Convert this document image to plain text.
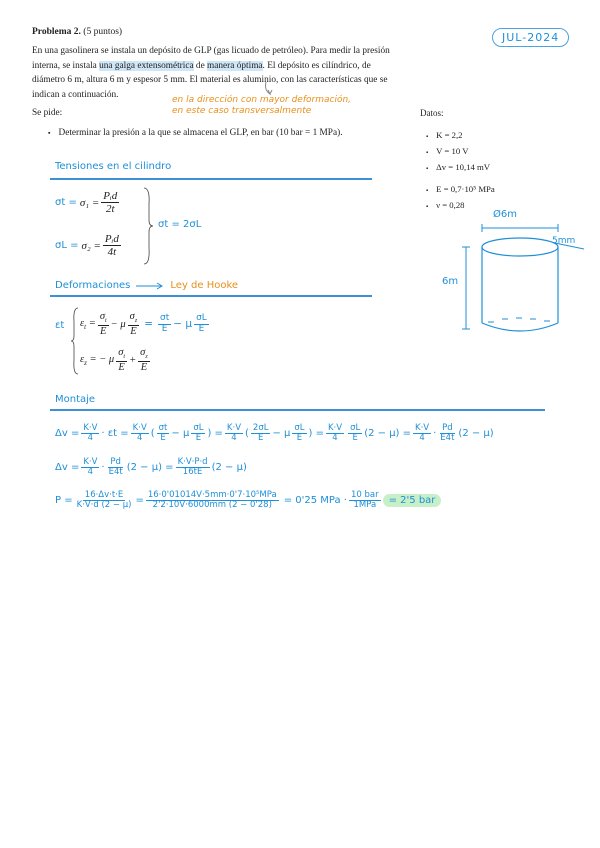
Problema 2. (5 puntos)	JUL-2024
En una gasolinera se instala un depósito de GLP (gas licuado de petróleo). Para medir la presión
interna, se instala una galga extensométrica de manera óptima. El depósito es cilíndrico, de
diámetro 6 m, altura 6 m y espesor 5 mm. El material es aluminio, con las características que se
indican a continuación.
en la dirección con mayor deformación,
en este caso transversalmente
Se pide:
▪ Determinar la presión a la que se almacena el GLP, en bar (10 bar = 1 MPa).
Datos:
▪ K = 2,2
▪ V = 10 V
▪ Δv = 10,14 mV
▪ E = 0,7·10⁵ MPa
▪ ν = 0,28
Tensiones en el cilindro
$\sigma t = \sigma_1 = \frac{\text{Pᵢd}}{2t}$
$\sigma L = \sigma_2 = \frac{\text{Pᵢd}}{4t}$
σt = 2σL
Deformaciones	Ley de Hooke
εt $\varepsilon_t = \frac{\sigma_t}{E} - \mu \frac{\sigma_z}{E} = \frac{\sigma t}{E} - \mu \frac{\sigma L}{E}$
$\varepsilon_z$ = − μ $\frac{\sigma_t}{E} + \frac{\sigma_z}{E}$
Montaje
$\Delta v = \frac{K\cdot V}{4} \cdot \varepsilon t = \frac{K\cdot V}{4}$ ( $\frac{\sigma t}{E} - \mu \frac{\sigma L}{E}$ ) = $\frac{K\cdot V}{4}$ ( $\frac{2\sigma L}{E} - \mu \frac{\sigma L}{E}$ ) = $\frac{K\cdot V}{4} \frac{\sigma L}{E} (2 - \mu) = \frac{K\cdot V}{4} \cdot \frac{Pd}{E4t} (2 - \mu)$
$\Delta v = \frac{K\cdot V}{4} \cdot \frac{Pd}{E4t} (2 - \mu) = \frac{K\cdot V\cdot P\cdot d}{16tE} (2 - \mu)$
$P = \frac{16\cdot\Delta v\cdot t\cdot E}{K\cdot V\cdot d (2 - \mu)} = \frac{\text{16·0'01014V·5mm·0'7·10⁵MPa}}{2'2\cdot 10V\cdot 6000mm (2 - 0'28)} = 0'25$ MPa · $\frac{\text{10 bar}}{\text{1MPa}} = 2'5$ bar
Ø6m
5mm
6m
